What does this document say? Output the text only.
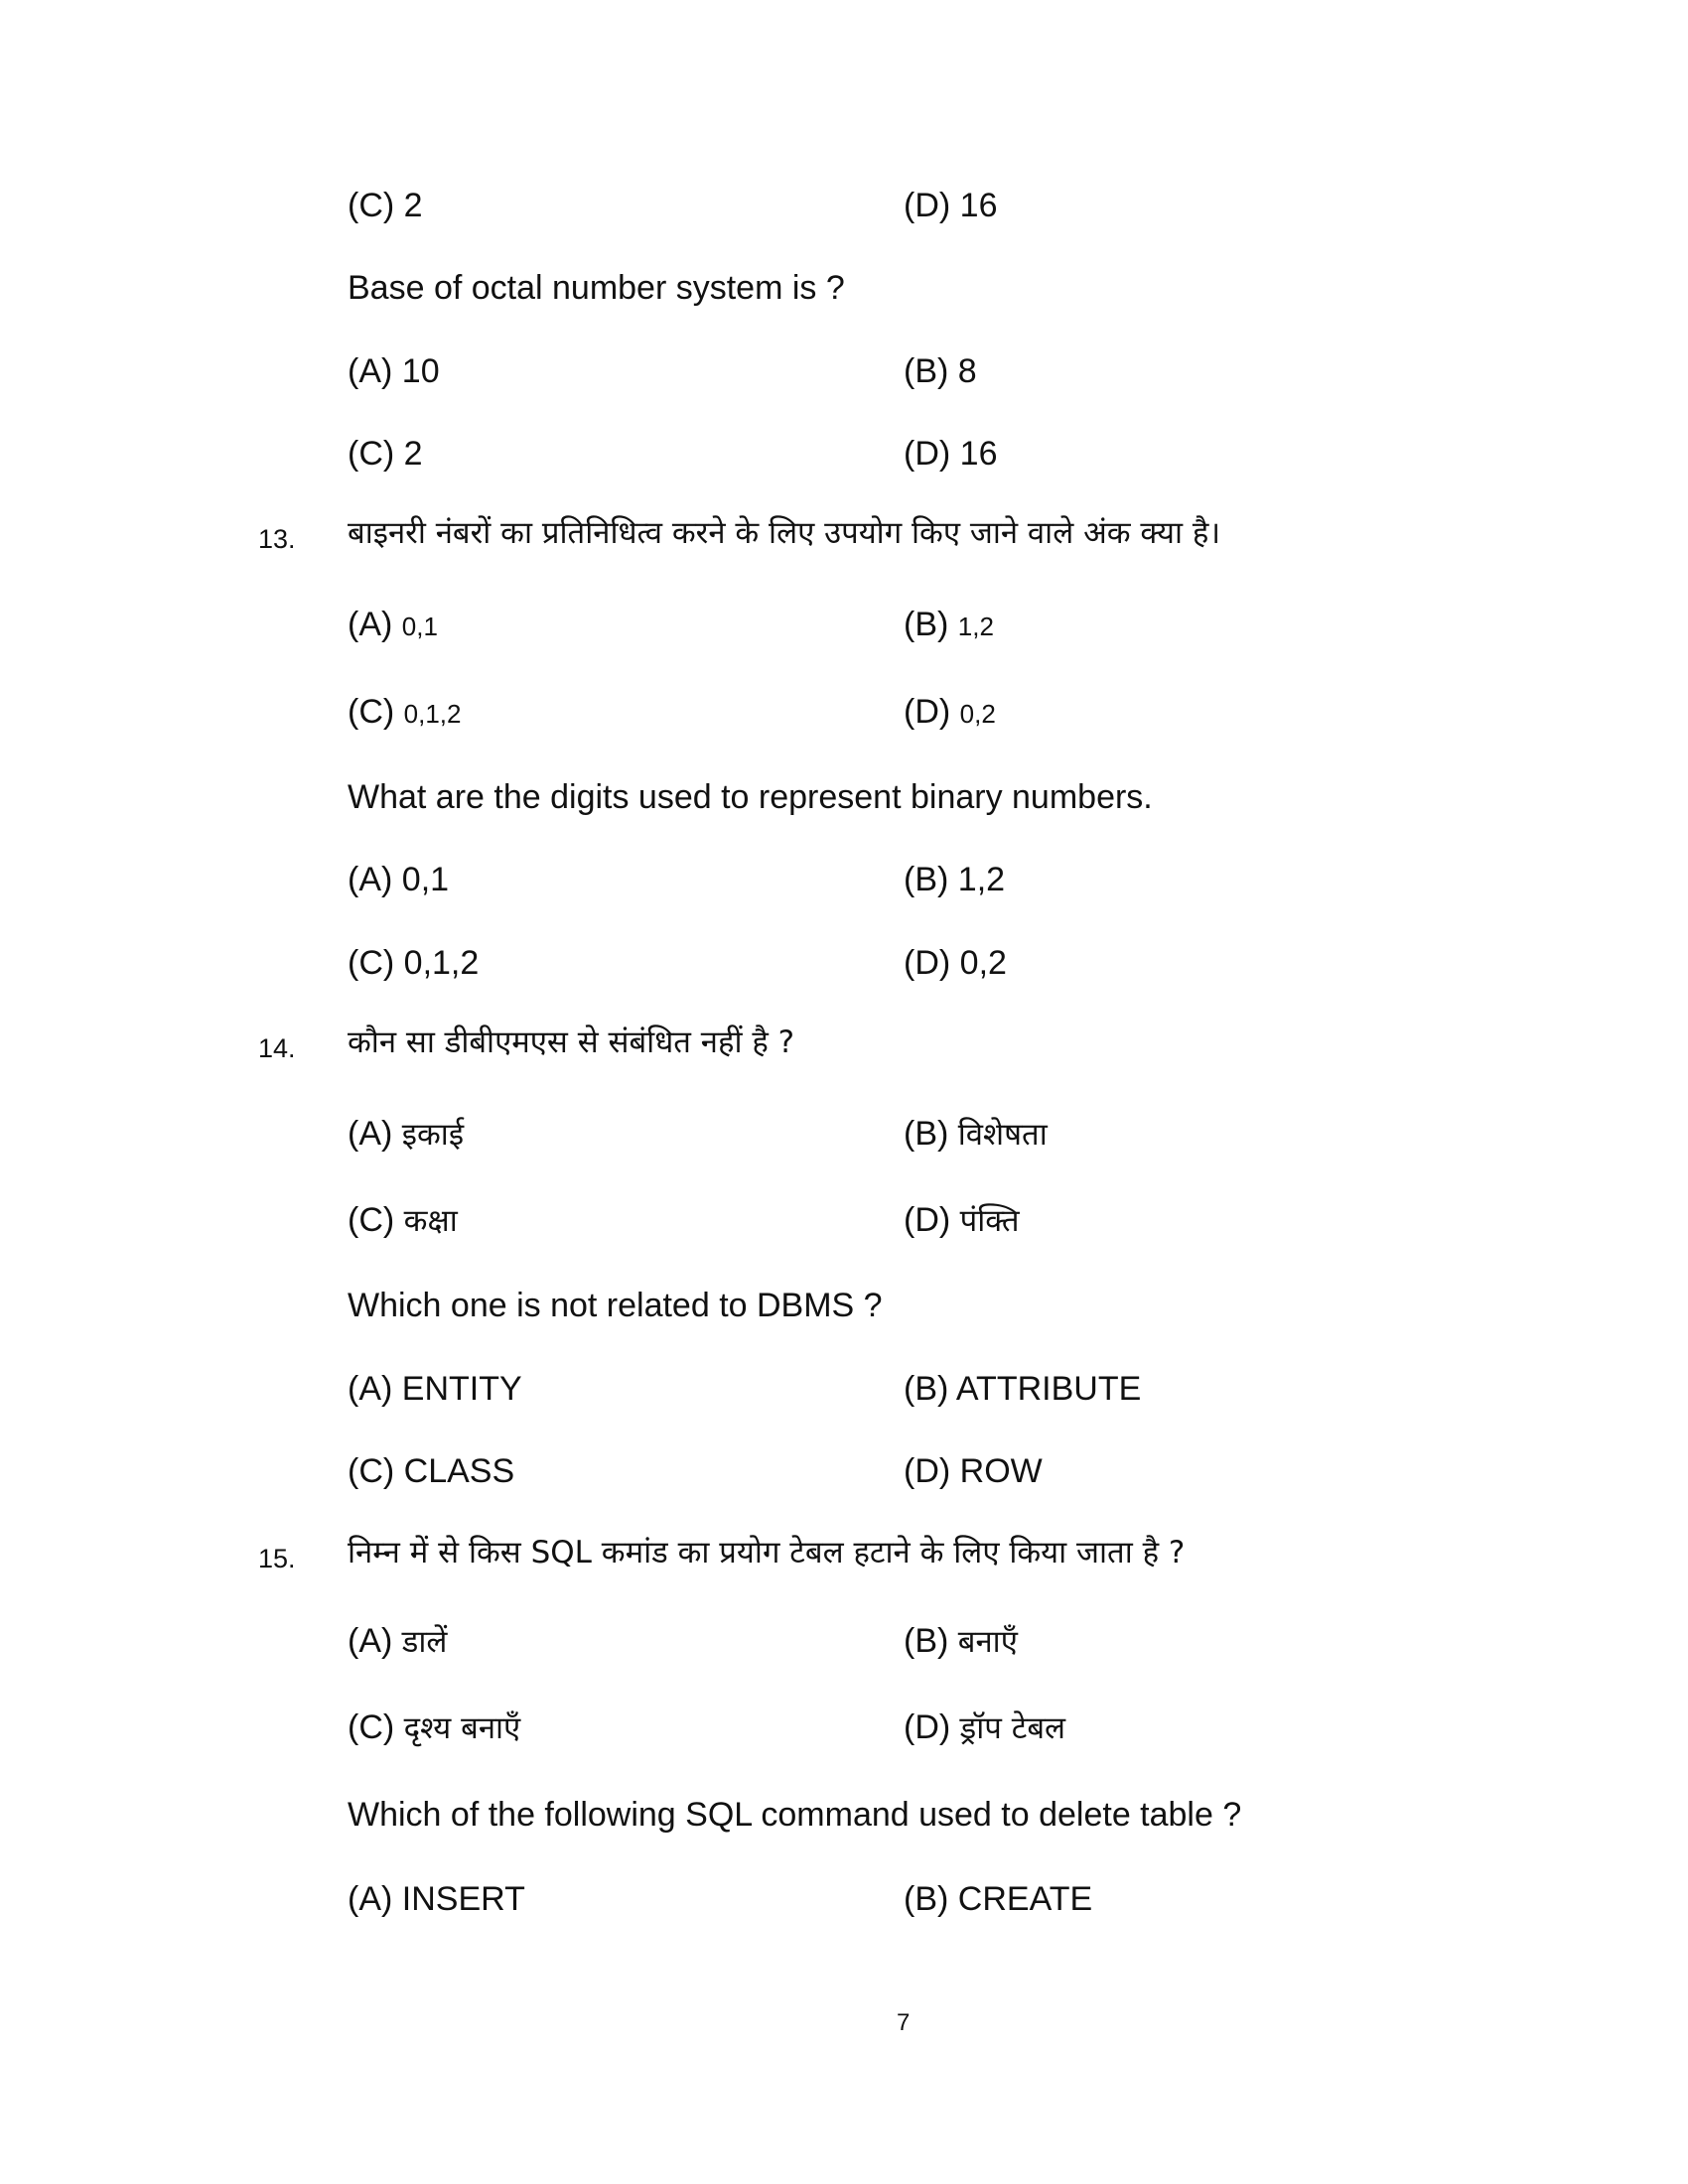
(C) 2	(D) 16
Base of octal number system is ?
(A) 10	(B) 8
(C) 2	(D) 16
13. बाइनरी नंबरों का प्रतिनिधित्व करने के लिए उपयोग किए जाने वाले अंक क्या है।
(A) 0,1	(B) 1,2
(C) 0,1,2	(D) 0,2
What are the digits used to represent binary numbers.
(A) 0,1	(B) 1,2
(C) 0,1,2	(D) 0,2
14. कौन सा डीबीएमएस से संबंधित नहीं है ?
(A) इकाई	(B) विशेषता
(C) कक्षा	(D) पंक्ति
Which one is not related to DBMS ?
(A) ENTITY	(B) ATTRIBUTE
(C) CLASS	(D) ROW
15. निम्न में से किस SQL कमांड का प्रयोग टेबल हटाने के लिए किया जाता है ?
(A) डालें	(B) बनाएँ
(C) दृश्य बनाएँ	(D) ड्रॉप टेबल
Which of the following SQL command used to delete table ?
(A) INSERT	(B) CREATE
7
